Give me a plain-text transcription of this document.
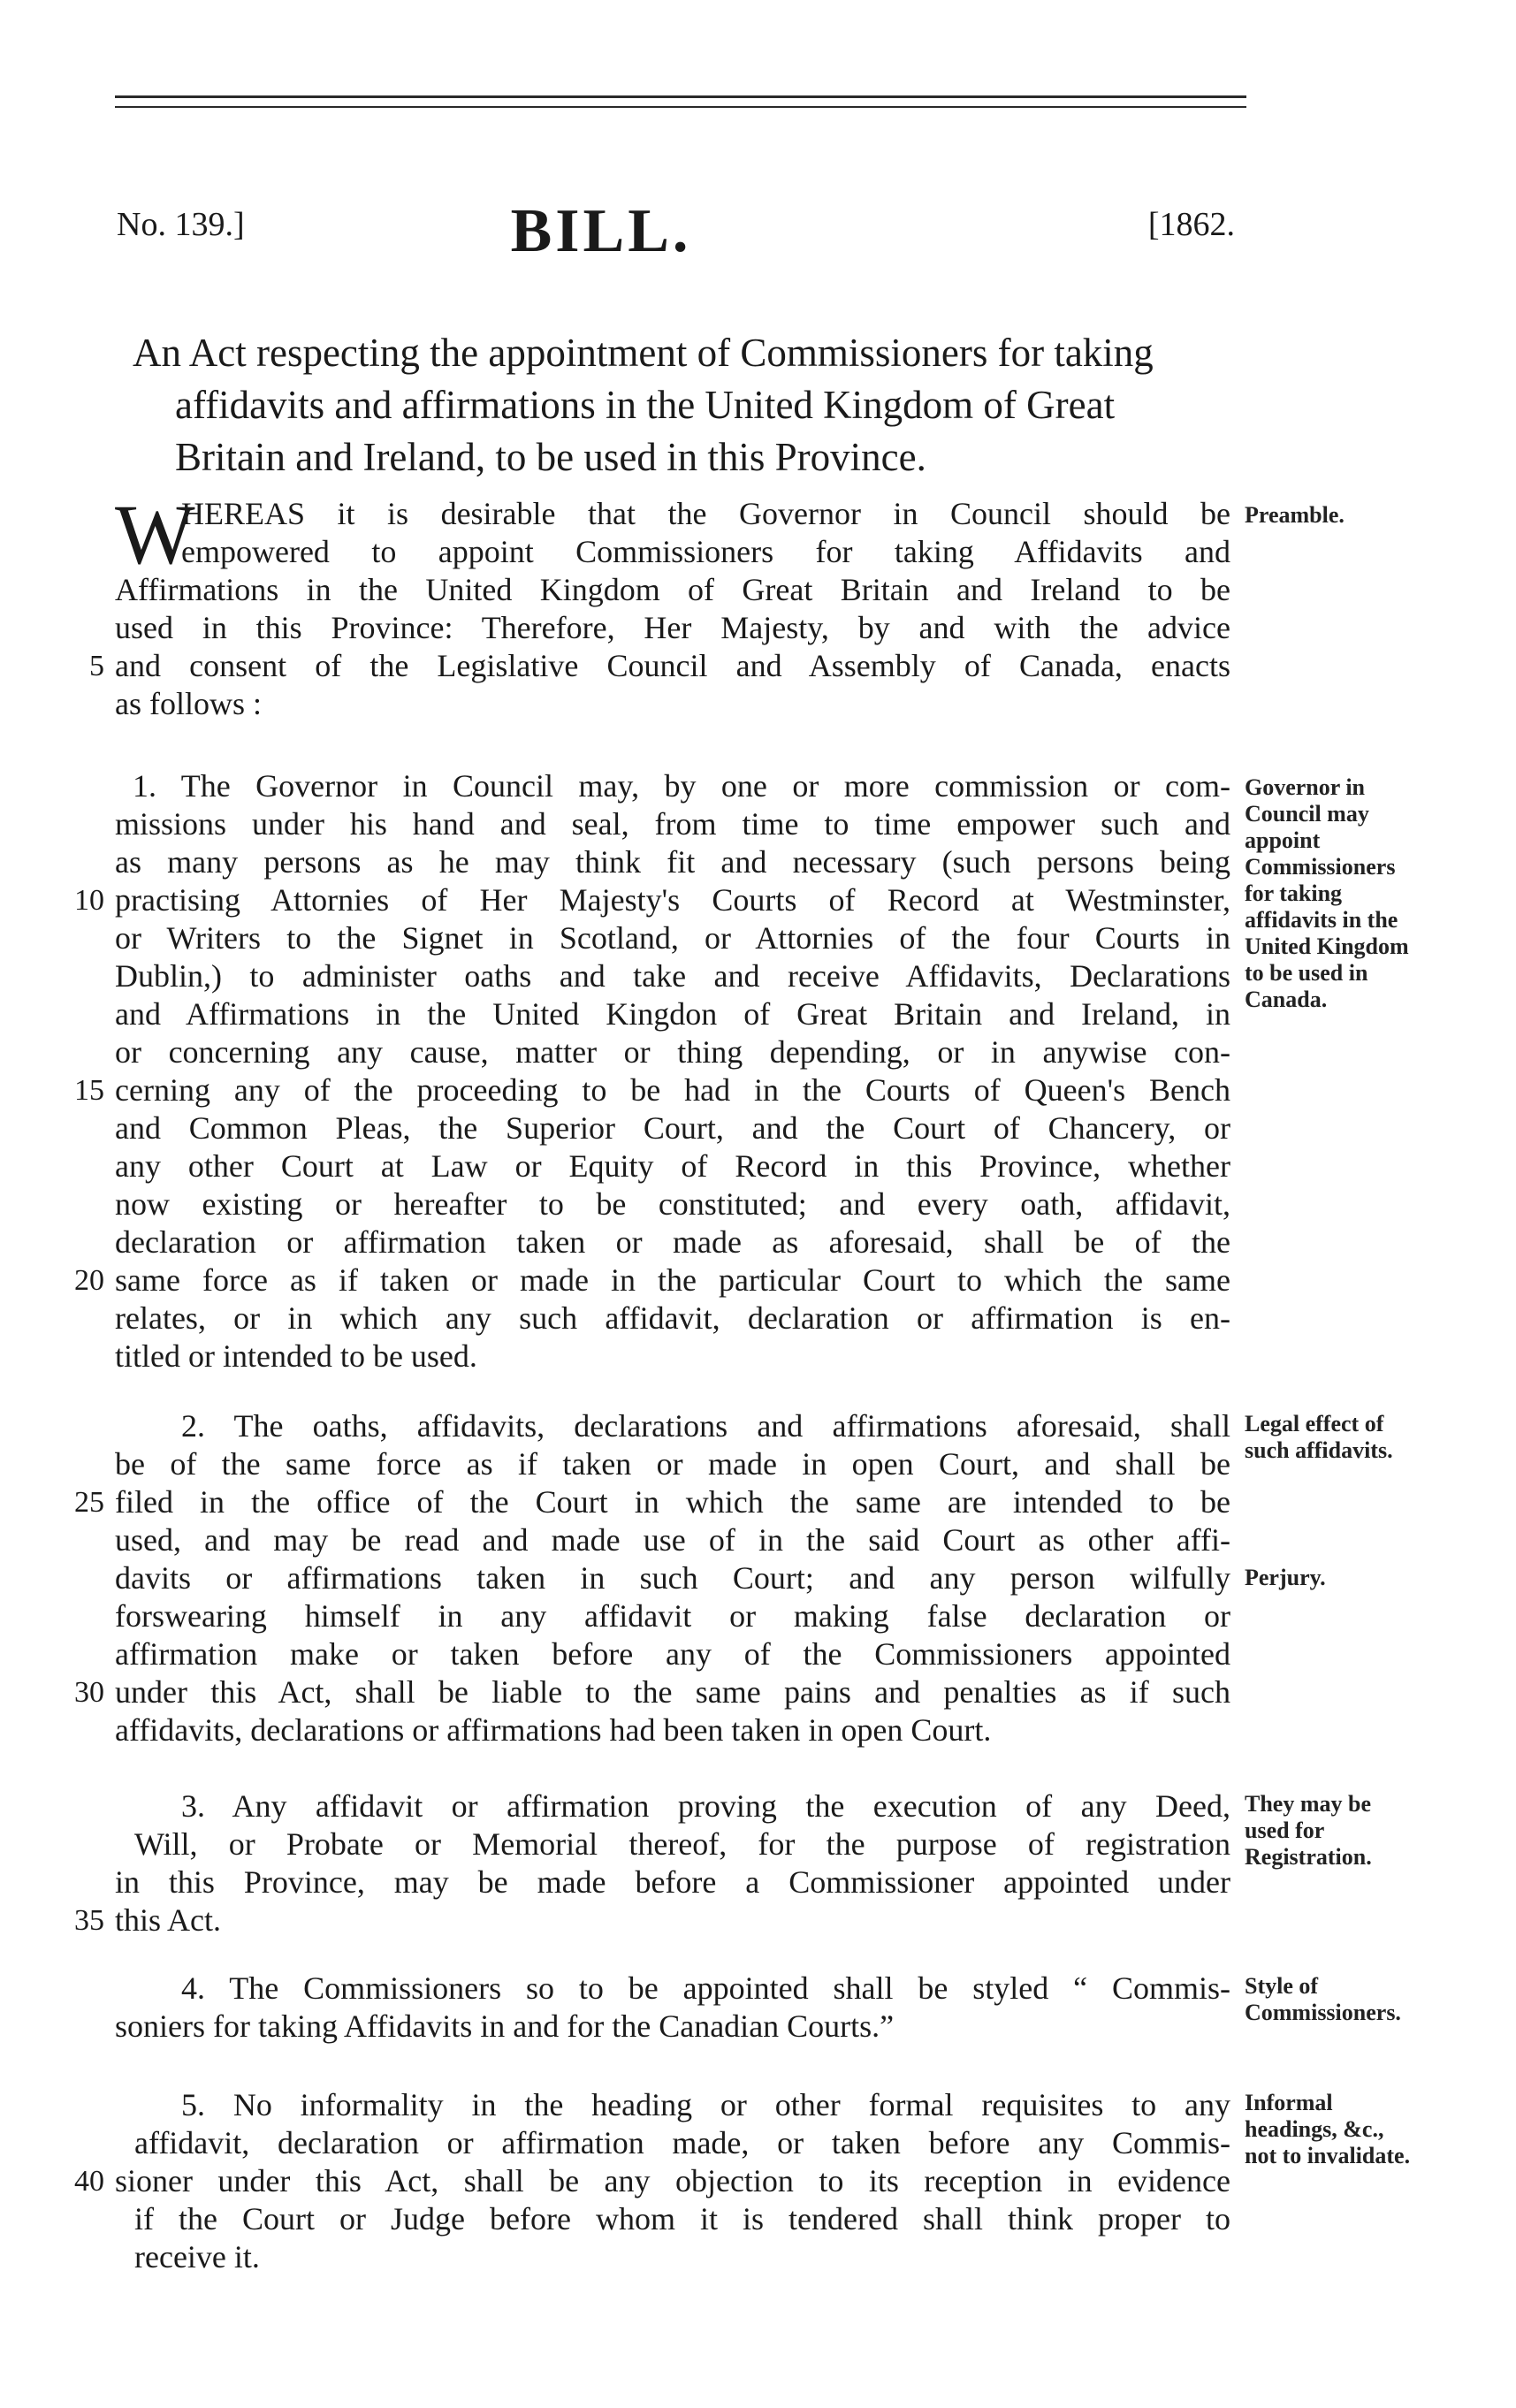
No. 139.]	BILL.	[1862.
An Act respecting the appointment of Commissioners for taking
affidavits and affirmations in the United Kingdom of Great
Britain and Ireland, to be used in this Province.
W
HEREAS it is desirable that the Governor in Council should be
empowered to appoint Commissioners for taking Affidavits and
Affirmations in the United Kingdom of Great Britain and Ireland to be
used in this Province: Therefore, Her Majesty, by and with the advice
5 and consent of the Legislative Council and Assembly of Canada, enacts
as follows :
Preamble.
1. The Governor in Council may, by one or more commission or com-
missions under his hand and seal, from time to time empower such and
as many persons as he may think fit and necessary (such persons being
10 practising Attornies of Her Majesty's Courts of Record at Westminster,
or Writers to the Signet in Scotland, or Attornies of the four Courts in
Dublin,) to administer oaths and take and receive Affidavits, Declarations
and Affirmations in the United Kingdon of Great Britain and Ireland, in
or concerning any cause, matter or thing depending, or in anywise con-
15 cerning any of the proceeding to be had in the Courts of Queen's Bench
and Common Pleas, the Superior Court, and the Court of Chancery, or
any other Court at Law or Equity of Record in this Province, whether
now existing or hereafter to be constituted; and every oath, affidavit,
declaration or affirmation taken or made as aforesaid, shall be of the
20 same force as if taken or made in the particular Court to which the same
relates, or in which any such affidavit, declaration or affirmation is en-
titled or intended to be used.
Governor in Council may appoint Commissioners for taking affidavits in the United Kingdom to be used in Canada.
2. The oaths, affidavits, declarations and affirmations aforesaid, shall
be of the same force as if taken or made in open Court, and shall be
25 filed in the office of the Court in which the same are intended to be
used, and may be read and made use of in the said Court as other affi-
davits or affirmations taken in such Court; and any person wilfully
forswearing himself in any affidavit or making false declaration or
affirmation make or taken before any of the Commissioners appointed
30 under this Act, shall be liable to the same pains and penalties as if such
affidavits, declarations or affirmations had been taken in open Court.
Legal effect of such affidavits.
Perjury.
3. Any affidavit or affirmation proving the execution of any Deed,
Will, or Probate or Memorial thereof, for the purpose of registration
in this Province, may be made before a Commissioner appointed under
35 this Act.
They may be used for Registration.
4. The Commissioners so to be appointed shall be styled “ Commis-
soniers for taking Affidavits in and for the Canadian Courts.”
Style of Commissioners.
5. No informality in the heading or other formal requisites to any
affidavit, declaration or affirmation made, or taken before any Commis-
40 sioner under this Act, shall be any objection to its reception in evidence
if the Court or Judge before whom it is tendered shall think proper to
receive it.
Informal headings, &c., not to invalidate.
